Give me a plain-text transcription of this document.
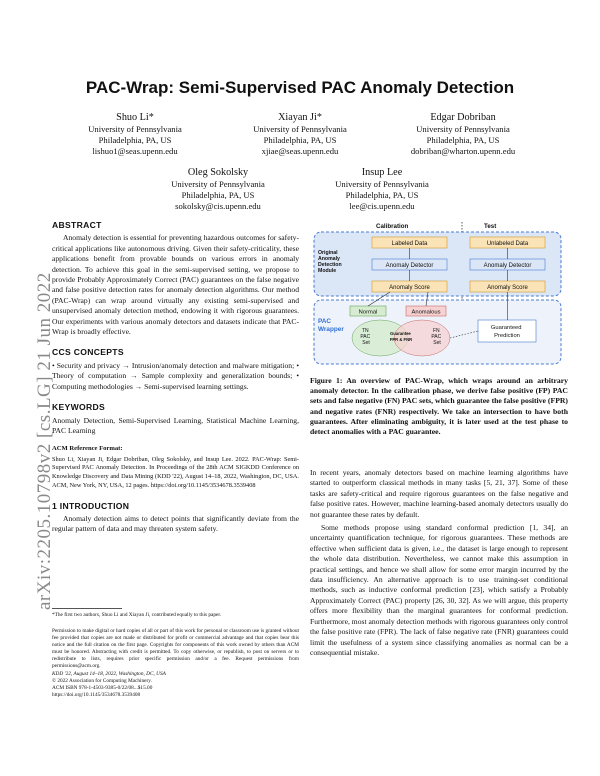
arXiv:2205.10798v2 [cs.LG] 21 Jun 2022
PAC-Wrap: Semi-Supervised PAC Anomaly Detection
Shuo Li*
University of Pennsylvania
Philadelphia, PA, US
lishuo1@seas.upenn.edu
Xiayan Ji*
University of Pennsylvania
Philadelphia, PA, US
xjiae@seas.upenn.edu
Edgar Dobriban
University of Pennsylvania
Philadelphia, PA, US
dobriban@wharton.upenn.edu
Oleg Sokolsky
University of Pennsylvania
Philadelphia, PA, US
sokolsky@cis.upenn.edu
Insup Lee
University of Pennsylvania
Philadelphia, PA, US
lee@cis.upenn.edu
ABSTRACT

Anomaly detection is essential for preventing hazardous outcomes for safety-critical applications like autonomous driving. Given their safety-criticality, these applications benefit from provable bounds on various errors in anomaly detection. To achieve this goal in the semi-supervised setting, we propose to provide Probably Approximately Correct (PAC) guarantees on the false negative and false positive detection rates for anomaly detection algorithms. Our method (PAC-Wrap) can wrap around virtually any existing semi-supervised and unsupervised anomaly detection method, endowing it with rigorous guarantees. Our experiments with various anomaly detectors and datasets indicate that PAC-Wrap is broadly effective.

CCS CONCEPTS

• Security and privacy → Intrusion/anomaly detection and malware mitigation; • Theory of computation → Sample complexity and generalization bounds; • Computing methodologies → Semi-supervised learning settings.

KEYWORDS

Anomaly Detection, Semi-Supervised Learning, Statistical Machine Learning, PAC Learning

ACM Reference Format:

Shuo Li, Xiayan Ji, Edgar Dobriban, Oleg Sokolsky, and Insup Lee. 2022. PAC-Wrap: Semi-Supervised PAC Anomaly Detection. In Proceedings of the 28th ACM SIGKDD Conference on Knowledge Discovery and Data Mining (KDD '22), August 14–18, 2022, Washington, DC, USA. ACM, New York, NY, USA, 12 pages. https://doi.org/10.1145/3534678.3539408

1 INTRODUCTION

Anomaly detection aims to detect points that significantly deviate from the regular pattern of data and may threaten system safety.

*The first two authors, Shuo Li and Xiayan Ji, contributed equally to this paper.
Permission to make digital or hard copies of all or part of this work for personal or classroom use is granted without fee provided that copies are not made or distributed for profit or commercial advantage and that copies bear this notice and the full citation on the first page. Copyrights for components of this work owned by others than ACM must be honored. Abstracting with credit is permitted. To copy otherwise, or republish, to post on servers or to redistribute to lists, requires prior specific permission and/or a fee. Request permissions from permissions@acm.org.
KDD '22, August 14–18, 2022, Washington, DC, USA
© 2022 Association for Computing Machinery.
ACM ISBN 978-1-4503-9385-0/22/08...$15.00
https://doi.org/10.1145/3534678.3539408
Calibration	Test
Labeled Data	Unlabeled Data
Anomaly Detector	Anomaly Detector
Anomaly Score	Anomaly Score
Original Anomaly Detection Module
PAC Wrapper
Normal	Anomalous
TN PAC Set
FN PAC Set
Guarantee FPR & FNR
Guaranteed Prediction
Figure 1: An overview of PAC-Wrap, which wraps around an arbitrary anomaly detector. In the calibration phase, we derive false positive (FP) PAC sets and false negative (FN) PAC sets, which guarantee the false positive (FPR) and negative rates (FNR) respectively. We take an intersection to have both guarantees. After eliminating ambiguity, it is later used at the test phase to detect anomalies with a PAC guarantee.

In recent years, anomaly detectors based on machine learning algorithms have started to outperform classical methods in many tasks [5, 21, 37]. Some of these tasks are safety-critical and require rigorous guarantees on the false negative and false positive rates. However, machine learning-based anomaly detectors usually do not guarantee these rates by default.

Some methods propose using standard conformal prediction [1, 34], an uncertainty quantification technique, for rigorous guarantees. These methods are effective when sufficient data is given, i.e., the dataset is large enough to represent the whole data distribution. Nevertheless, we cannot make this assumption in practical settings, and hence we shall allow for some error margin incurred by the data insufficiency. An alternative approach is to use training-set conditional methods, such as inductive conformal prediction [23], which satisfy a Probably Approximately Correct (PAC) property [26, 30, 32]. As we will argue, this property offers more flexibility than the marginal guarantees for conformal prediction. Furthermore, most anomaly detection methods with rigorous guarantees only control the false positive rate (FPR). The lack of false negative rate (FNR) guarantees could limit the usefulness of a system since classifying anomalies as normal can be a consequential mistake.
